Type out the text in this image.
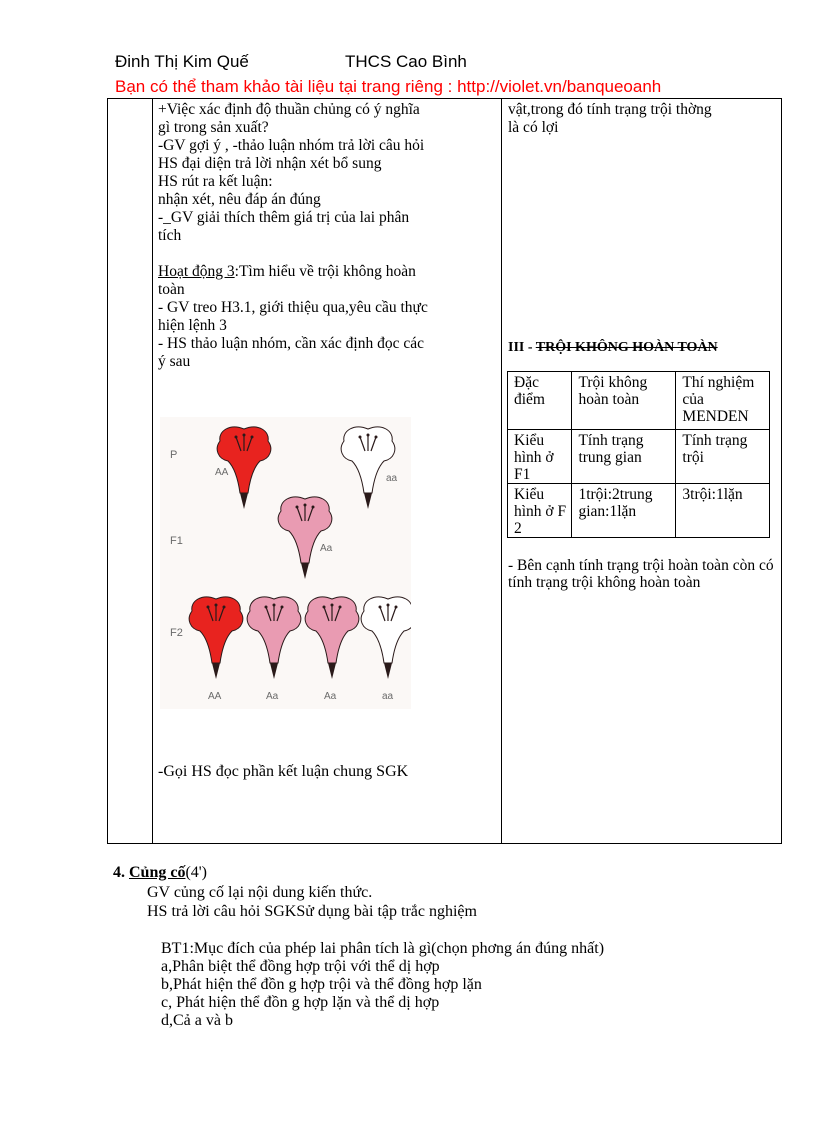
Đinh Thị Kim Quế	THCS Cao Bình
Bạn có thể tham khảo tài liệu tại trang riêng : http://violet.vn/banqueoanh

+Việc xác định độ thuần chủng có ý nghĩa

gì trong sản xuất?

-GV gợi ý , -thảo luận nhóm trả lời câu hỏi

HS đại diện trả lời nhận xét bổ sung

HS rút ra kết luận:

nhận xét, nêu đáp án đúng

-_GV giải thích thêm giá trị của lai phân

tích

Hoạt động 3:Tìm hiểu về trội không hoàn

toàn

- GV treo H3.1, giới thiệu qua,yêu cầu thực

hiện lệnh 3

- HS thảo luận nhóm, cần xác định đọc các

ý sau

P
F1
F2
AA
aa
Aa
AA	Aa	Aa	aa
-Gọi HS đọc phần kết luận chung SGK
vật,trong đó tính trạng trội thờng
là có lợi
III - TRỘI KHÔNG HOÀN TOÀN
Đặc điểm	Trội không hoàn toàn	Thí nghiệm của MENDEN
Kiểu hình ở F1	Tính trạng trung gian	Tính trạng trội
Kiểu hình ở F 2	1trội:2trung gian:1lặn	3trội:1lặn
- Bên cạnh tính trạng trội hoàn toàn còn có tính trạng trội không hoàn toàn
4. Củng cố(4')
GV củng cố lại nội dung kiến thức.
HS trả lời câu hỏi SGKSử dụng bài tập trắc nghiệm
BT1:Mục đích của phép lai phân tích là gì(chọn phơng án đúng nhất)
a,Phân biệt thể đồng hợp trội với thể dị hợp
b,Phát hiện thể đồn g hợp trội và thể đồng hợp lặn
c, Phát hiện thể đồn g hợp lặn và thể dị hợp
d,Cả a và b
